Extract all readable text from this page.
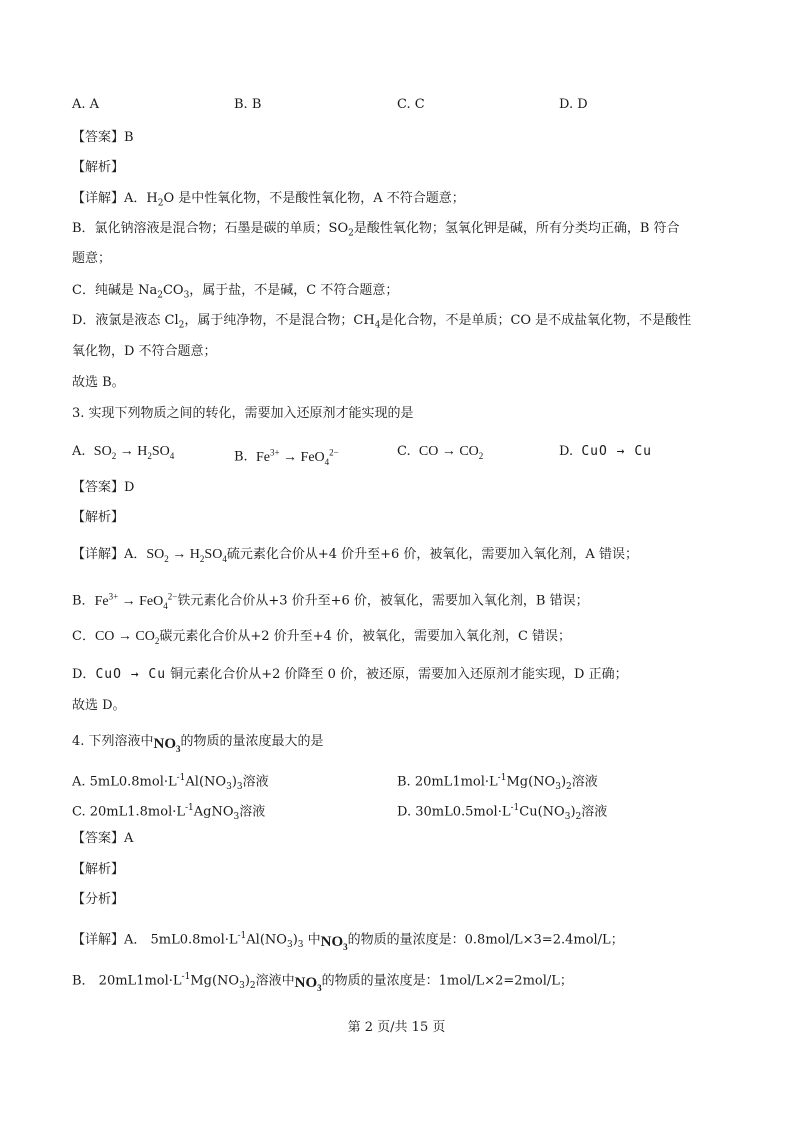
A. A	B. B	C. C	D. D
【答案】B
【解析】
【详解】A．$H_2O$ 是中性氧化物，不是酸性氧化物，A 不符合题意；
B．氯化钠溶液是混合物；石墨是碳的单质；$SO_2$是酸性氧化物；氢氧化钾是碱，所有分类均正确，B 符合
题意；
C．纯碱是 $Na_2CO_3$，属于盐，不是碱，C 不符合题意；
D．液氯是液态 $Cl_2$，属于纯净物，不是混合物；$CH_4$是化合物，不是单质；CO 是不成盐氧化物，不是酸性
氧化物，D 不符合题意；
故选 B。
3. 实现下列物质之间的转化，需要加入还原剂才能实现的是
A. $SO_2 \to H_2SO_4$	B. $Fe^{3+} \to FeO_4^{2-}$	C. CO → $CO_2$	D. CuO → Cu
【答案】D
【解析】
【详解】A．$SO_2 \to H_2SO_4$硫元素化合价从+4 价升至+6 价，被氧化，需要加入氧化剂，A 错误；
B．$Fe^{3+} \to FeO_4^{2-}$铁元素化合价从+3 价升至+6 价，被氧化，需要加入氧化剂，B 错误；
C．CO → $CO_2$碳元素化合价从+2 价升至+4 价，被氧化，需要加入氧化剂，C 错误；
D．CuO → Cu 铜元素化合价从+2 价降至 0 价，被还原，需要加入还原剂才能实现，D 正确；
故选 D。
4. 下列溶液中$NO_3$的物质的量浓度最大的是
A. $5mL0.8mol\cdot L^{-1}Al(NO_3)_3$溶液	B. $20mL1mol\cdot L^{-1}Mg(NO_3)_2$溶液
C. $20mL1.8mol\cdot L^{-1}AgNO_3$溶液	D. $30mL0.5mol\cdot L^{-1}Cu(NO_3)_2$溶液
【答案】A
【解析】
【分析】
【详解】A． $5mL0.8mol\cdot L^{-1}Al(NO_3)_3$ 中$NO_3$的物质的量浓度是：0.8mol/L×3=2.4mol/L；
B． $20mL1mol\cdot L^{-1}Mg(NO_3)_2$溶液中$NO_3$的物质的量浓度是：1mol/L×2=2mol/L；
第 2 页/共 15 页
